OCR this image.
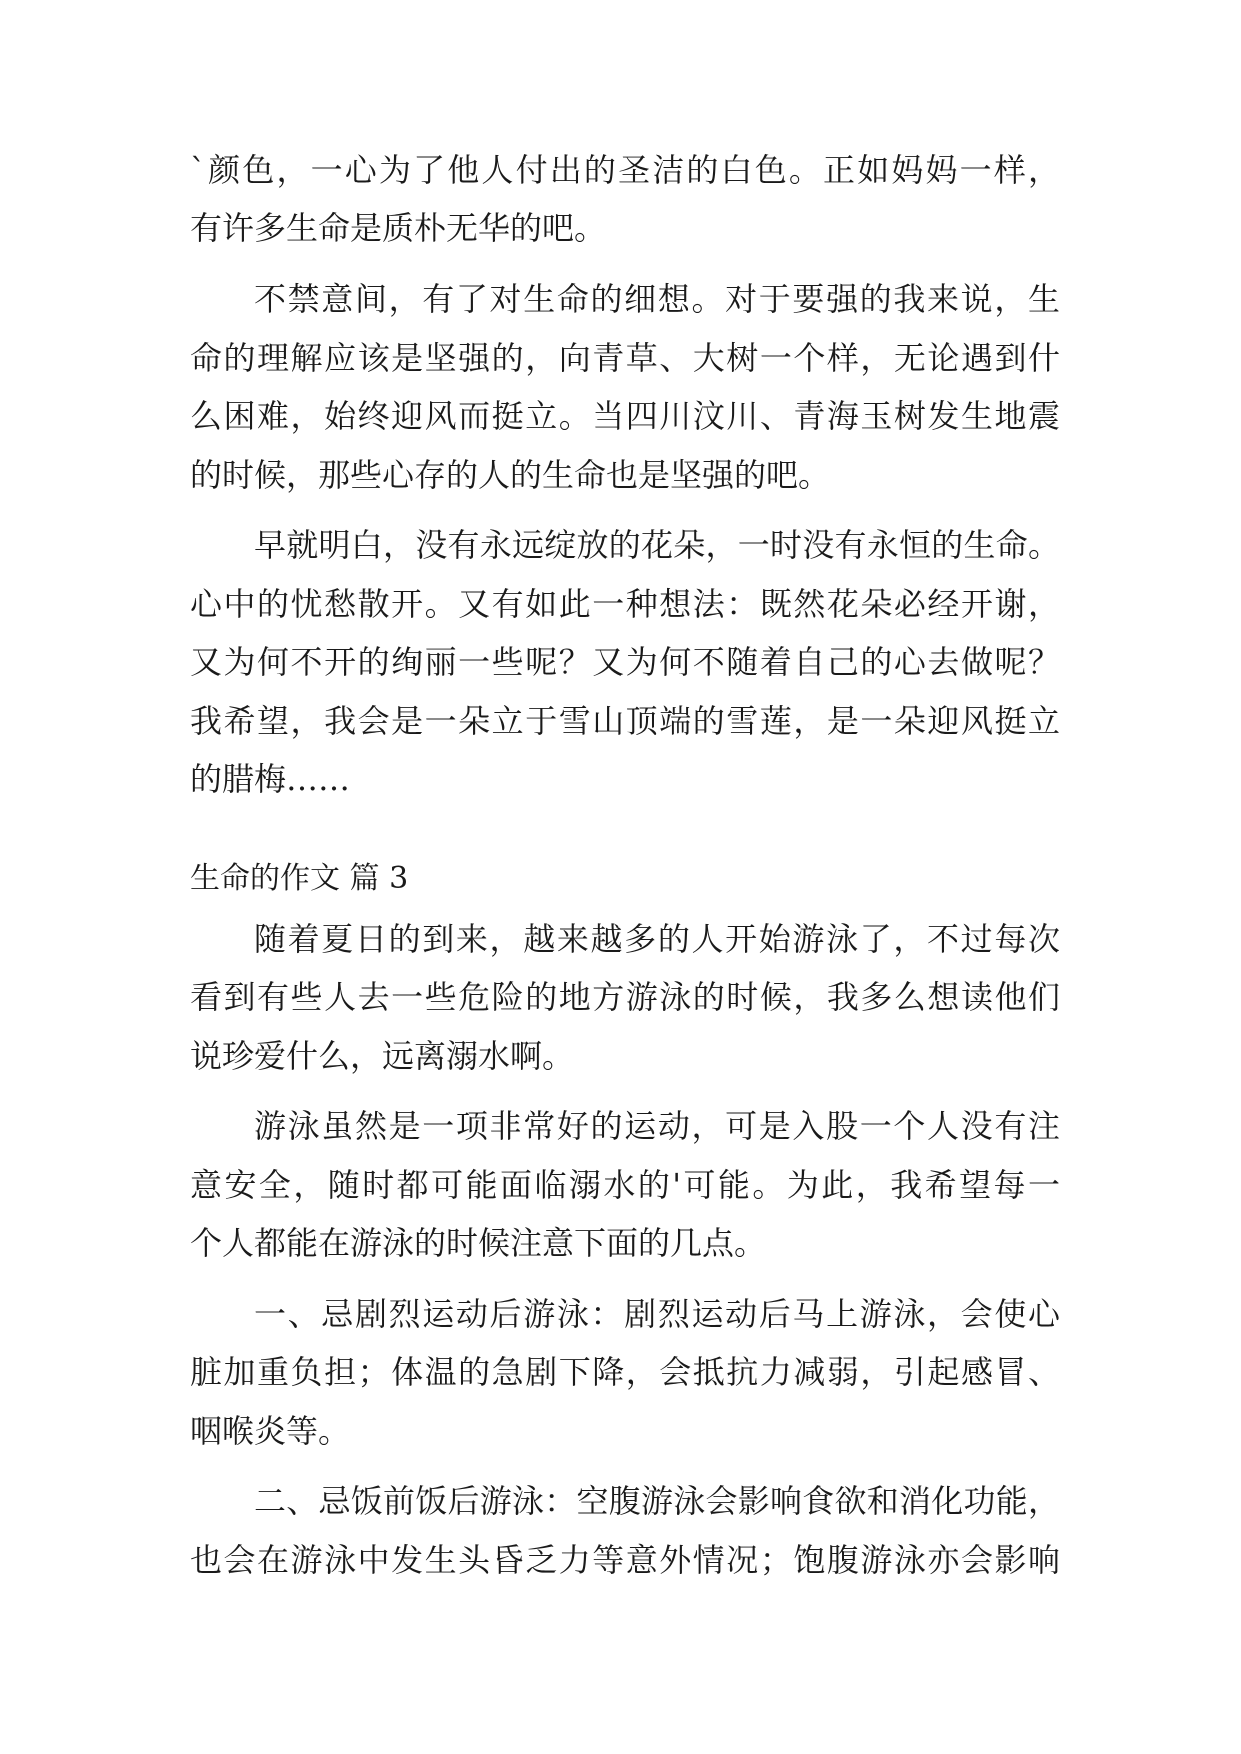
`颜色，一心为了他人付出的圣洁的白色。正如妈妈一样，
有许多生命是质朴无华的吧。
不禁意间，有了对生命的细想。对于要强的我来说，生
命的理解应该是坚强的，向青草、大树一个样，无论遇到什
么困难，始终迎风而挺立。当四川汶川、青海玉树发生地震
的时候，那些心存的人的生命也是坚强的吧。
早就明白，没有永远绽放的花朵，一时没有永恒的生命。
心中的忧愁散开。又有如此一种想法：既然花朵必经开谢，
又为何不开的绚丽一些呢？又为何不随着自己的心去做呢？
我希望，我会是一朵立于雪山顶端的雪莲，是一朵迎风挺立
的腊梅……
生命的作文 篇 3
随着夏日的到来，越来越多的人开始游泳了，不过每次
看到有些人去一些危险的地方游泳的时候，我多么想读他们
说珍爱什么，远离溺水啊。
游泳虽然是一项非常好的运动，可是入股一个人没有注
意安全，随时都可能面临溺水的'可能。为此，我希望每一
个人都能在游泳的时候注意下面的几点。
一、忌剧烈运动后游泳：剧烈运动后马上游泳，会使心
脏加重负担；体温的急剧下降，会抵抗力减弱，引起感冒、
咽喉炎等。
二、忌饭前饭后游泳：空腹游泳会影响食欲和消化功能，
也会在游泳中发生头昏乏力等意外情况；饱腹游泳亦会影响
